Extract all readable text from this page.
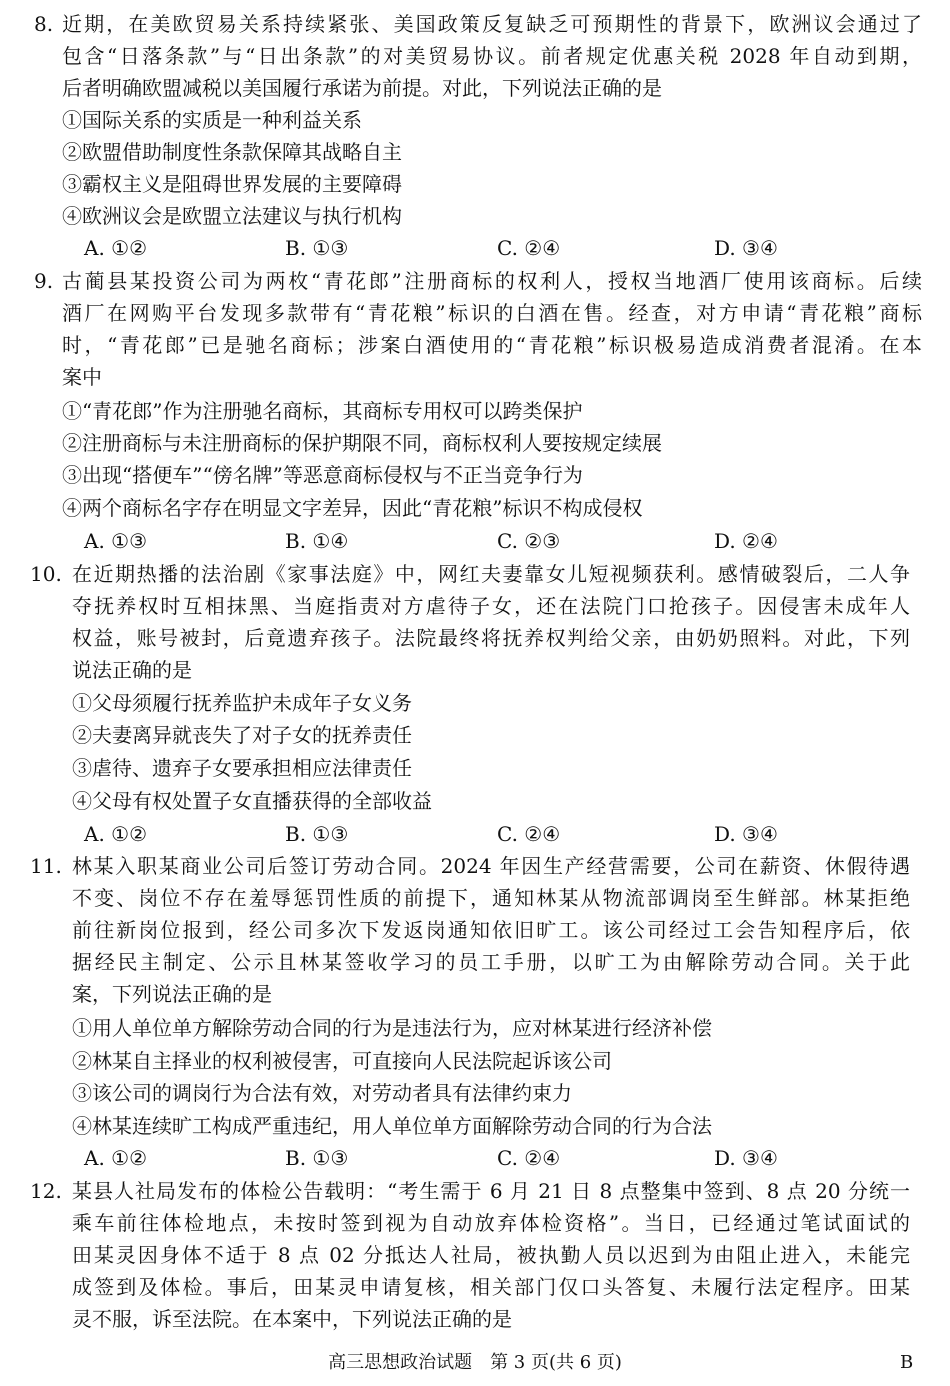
8. 近期，在美欧贸易关系持续紧张、美国政策反复缺乏可预期性的背景下，欧洲议会通过了
包含“日落条款”与“日出条款”的对美贸易协议。前者规定优惠关税 2028 年自动到期，
后者明确欧盟减税以美国履行承诺为前提。对此，下列说法正确的是
①国际关系的实质是一种利益关系
②欧盟借助制度性条款保障其战略自主
③霸权主义是阻碍世界发展的主要障碍
④欧洲议会是欧盟立法建议与执行机构
A. ①②	B. ①③	C. ②④	D. ③④
9. 古蔺县某投资公司为两枚“青花郎”注册商标的权利人，授权当地酒厂使用该商标。后续
酒厂在网购平台发现多款带有“青花粮”标识的白酒在售。经查，对方申请“青花粮”商标
时，“青花郎”已是驰名商标；涉案白酒使用的“青花粮”标识极易造成消费者混淆。在本
案中
①“青花郎”作为注册驰名商标，其商标专用权可以跨类保护
②注册商标与未注册商标的保护期限不同，商标权利人要按规定续展
③出现“搭便车”“傍名牌”等恶意商标侵权与不正当竞争行为
④两个商标名字存在明显文字差异，因此“青花粮”标识不构成侵权
A. ①③	B. ①④	C. ②③	D. ②④
10. 在近期热播的法治剧《家事法庭》中，网红夫妻靠女儿短视频获利。感情破裂后，二人争
夺抚养权时互相抹黑、当庭指责对方虐待子女，还在法院门口抢孩子。因侵害未成年人
权益，账号被封，后竟遗弃孩子。法院最终将抚养权判给父亲，由奶奶照料。对此，下列
说法正确的是
①父母须履行抚养监护未成年子女义务
②夫妻离异就丧失了对子女的抚养责任
③虐待、遗弃子女要承担相应法律责任
④父母有权处置子女直播获得的全部收益
A. ①②	B. ①③	C. ②④	D. ③④
11. 林某入职某商业公司后签订劳动合同。2024 年因生产经营需要，公司在薪资、休假待遇
不变、岗位不存在羞辱惩罚性质的前提下，通知林某从物流部调岗至生鲜部。林某拒绝
前往新岗位报到，经公司多次下发返岗通知依旧旷工。该公司经过工会告知程序后，依
据经民主制定、公示且林某签收学习的员工手册，以旷工为由解除劳动合同。关于此
案，下列说法正确的是
①用人单位单方解除劳动合同的行为是违法行为，应对林某进行经济补偿
②林某自主择业的权利被侵害，可直接向人民法院起诉该公司
③该公司的调岗行为合法有效，对劳动者具有法律约束力
④林某连续旷工构成严重违纪，用人单位单方面解除劳动合同的行为合法
A. ①②	B. ①③	C. ②④	D. ③④
12. 某县人社局发布的体检公告载明：“考生需于 6 月 21 日 8 点整集中签到、8 点 20 分统一
乘车前往体检地点，未按时签到视为自动放弃体检资格”。当日，已经通过笔试面试的
田某灵因身体不适于 8 点 02 分抵达人社局，被执勤人员以迟到为由阻止进入，未能完
成签到及体检。事后，田某灵申请复核，相关部门仅口头答复、未履行法定程序。田某
灵不服，诉至法院。在本案中，下列说法正确的是
高三思想政治试题　第 3 页(共 6 页)	B
